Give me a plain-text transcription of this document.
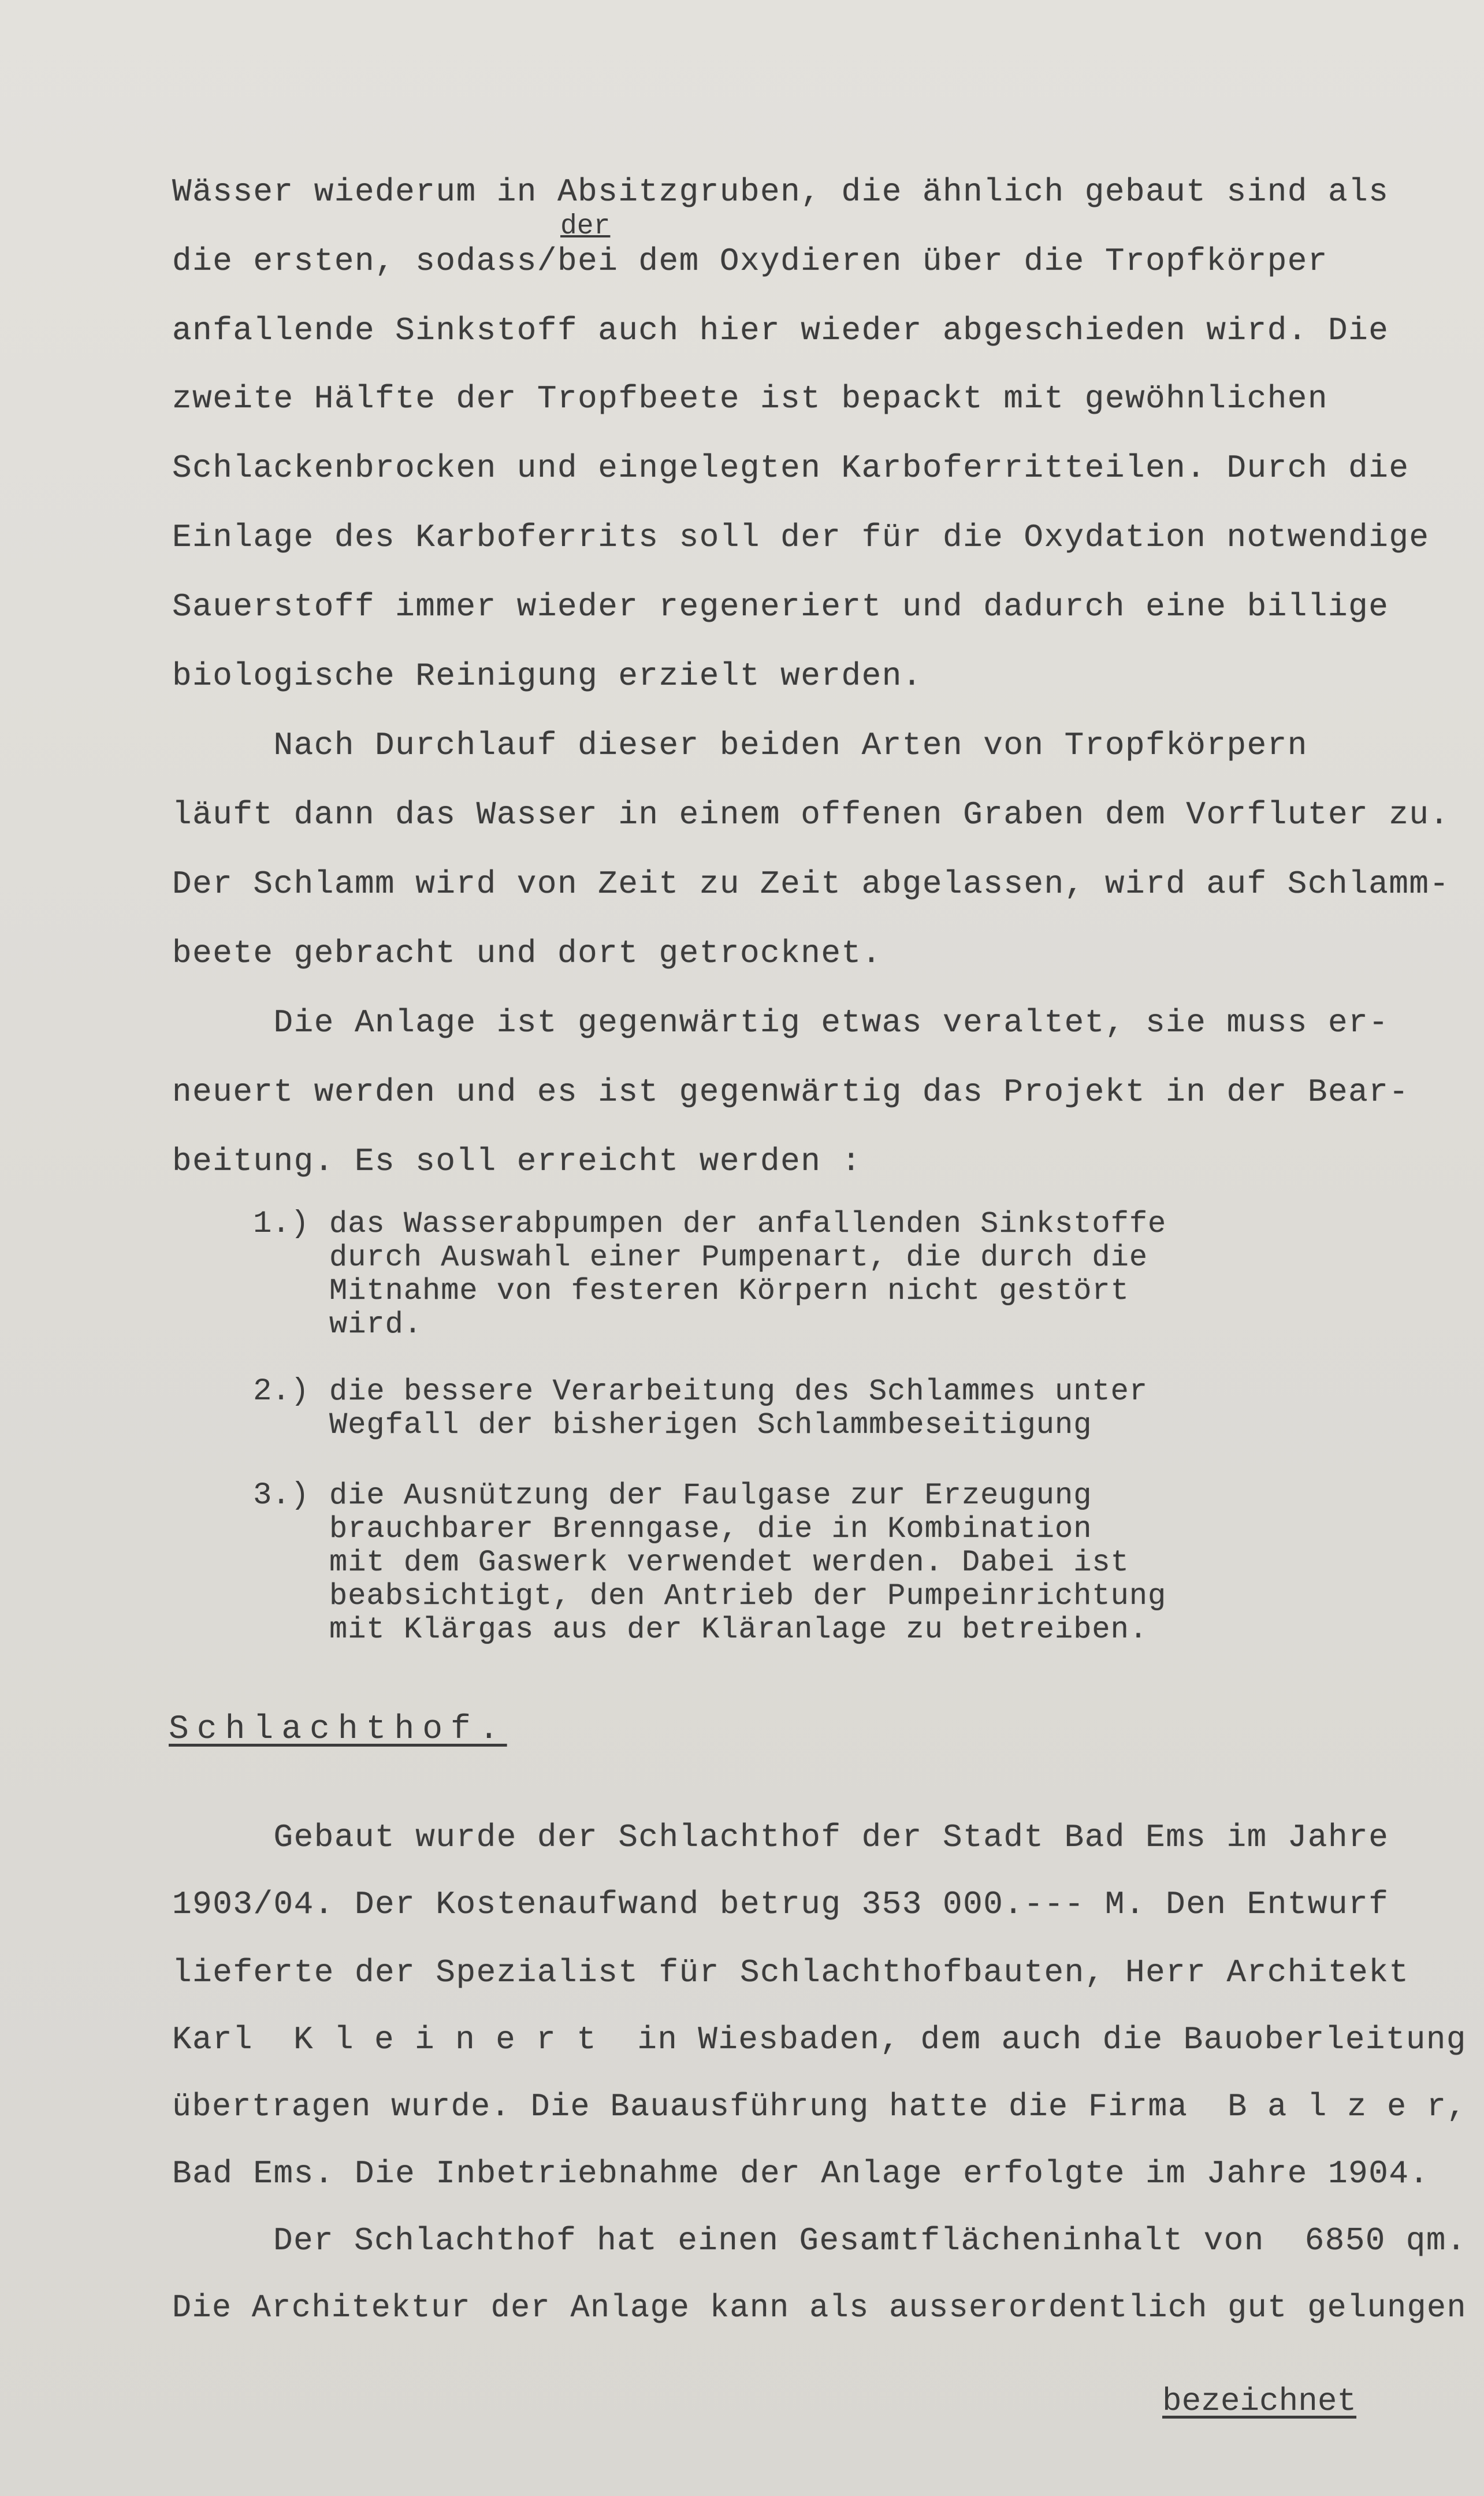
Wässer wiederum in Absitzgruben, die ähnlich gebaut sind als
der
die ersten, sodass/bei dem Oxydieren über die Tropfkörper
anfallende Sinkstoff auch hier wieder abgeschieden wird. Die
zweite Hälfte der Tropfbeete ist bepackt mit gewöhnlichen
Schlackenbrocken und eingelegten Karboferritteilen. Durch die
Einlage des Karboferrits soll der für die Oxydation notwendige
Sauerstoff immer wieder regeneriert und dadurch eine billige
biologische Reinigung erzielt werden.
Nach Durchlauf dieser beiden Arten von Tropfkörpern
läuft dann das Wasser in einem offenen Graben dem Vorfluter zu.
Der Schlamm wird von Zeit zu Zeit abgelassen, wird auf Schlamm-
beete gebracht und dort getrocknet.
Die Anlage ist gegenwärtig etwas veraltet, sie muss er-
neuert werden und es ist gegenwärtig das Projekt in der Bear-
beitung. Es soll erreicht werden :
1.) das Wasserabpumpen der anfallenden Sinkstoffe
durch Auswahl einer Pumpenart, die durch die
Mitnahme von festeren Körpern nicht gestört
wird.
2.) die bessere Verarbeitung des Schlammes unter
Wegfall der bisherigen Schlammbeseitigung
3.) die Ausnützung der Faulgase zur Erzeugung
brauchbarer Brenngase, die in Kombination
mit dem Gaswerk verwendet werden. Dabei ist
beabsichtigt, den Antrieb der Pumpeinrichtung
mit Klärgas aus der Kläranlage zu betreiben.
Schlachthof.
Gebaut wurde der Schlachthof der Stadt Bad Ems im Jahre
1903/04. Der Kostenaufwand betrug 353 000.--- M. Den Entwurf
lieferte der Spezialist für Schlachthofbauten, Herr Architekt
Karl  K l e i n e r t  in Wiesbaden, dem auch die Bauoberleitung
übertragen wurde. Die Bauausführung hatte die Firma  B a l z e r,
Bad Ems. Die Inbetriebnahme der Anlage erfolgte im Jahre 1904.
Der Schlachthof hat einen Gesamtflächeninhalt von  6850 qm.
Die Architektur der Anlage kann als ausserordentlich gut gelungen
bezeichnet
